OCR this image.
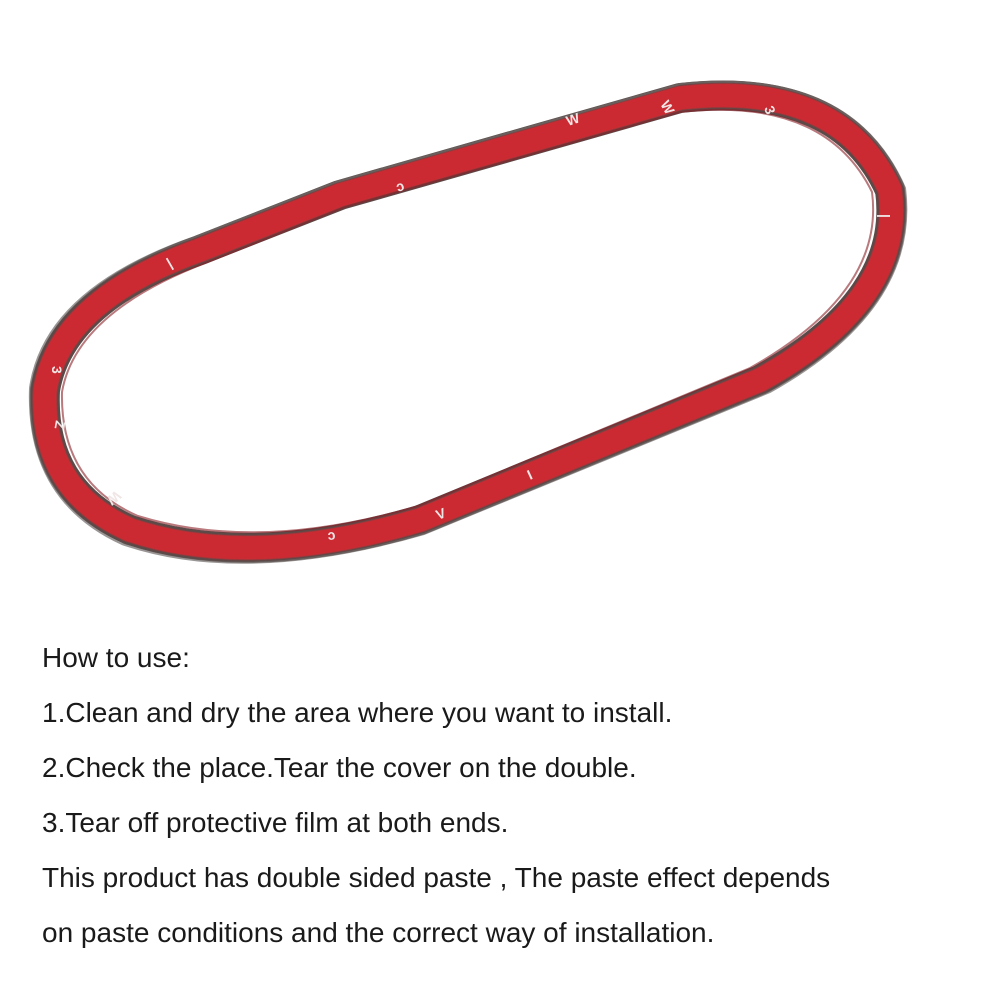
W
W	3
ɔ
|
3
Z
W
I
V
ɔ
|

How to use:

1.Clean and dry the area where you want to install.

2.Check the place.Tear the cover on the double.

3.Tear off protective film at both ends.

This product has double sided paste , The paste effect depends

on paste conditions and the correct way of installation.
